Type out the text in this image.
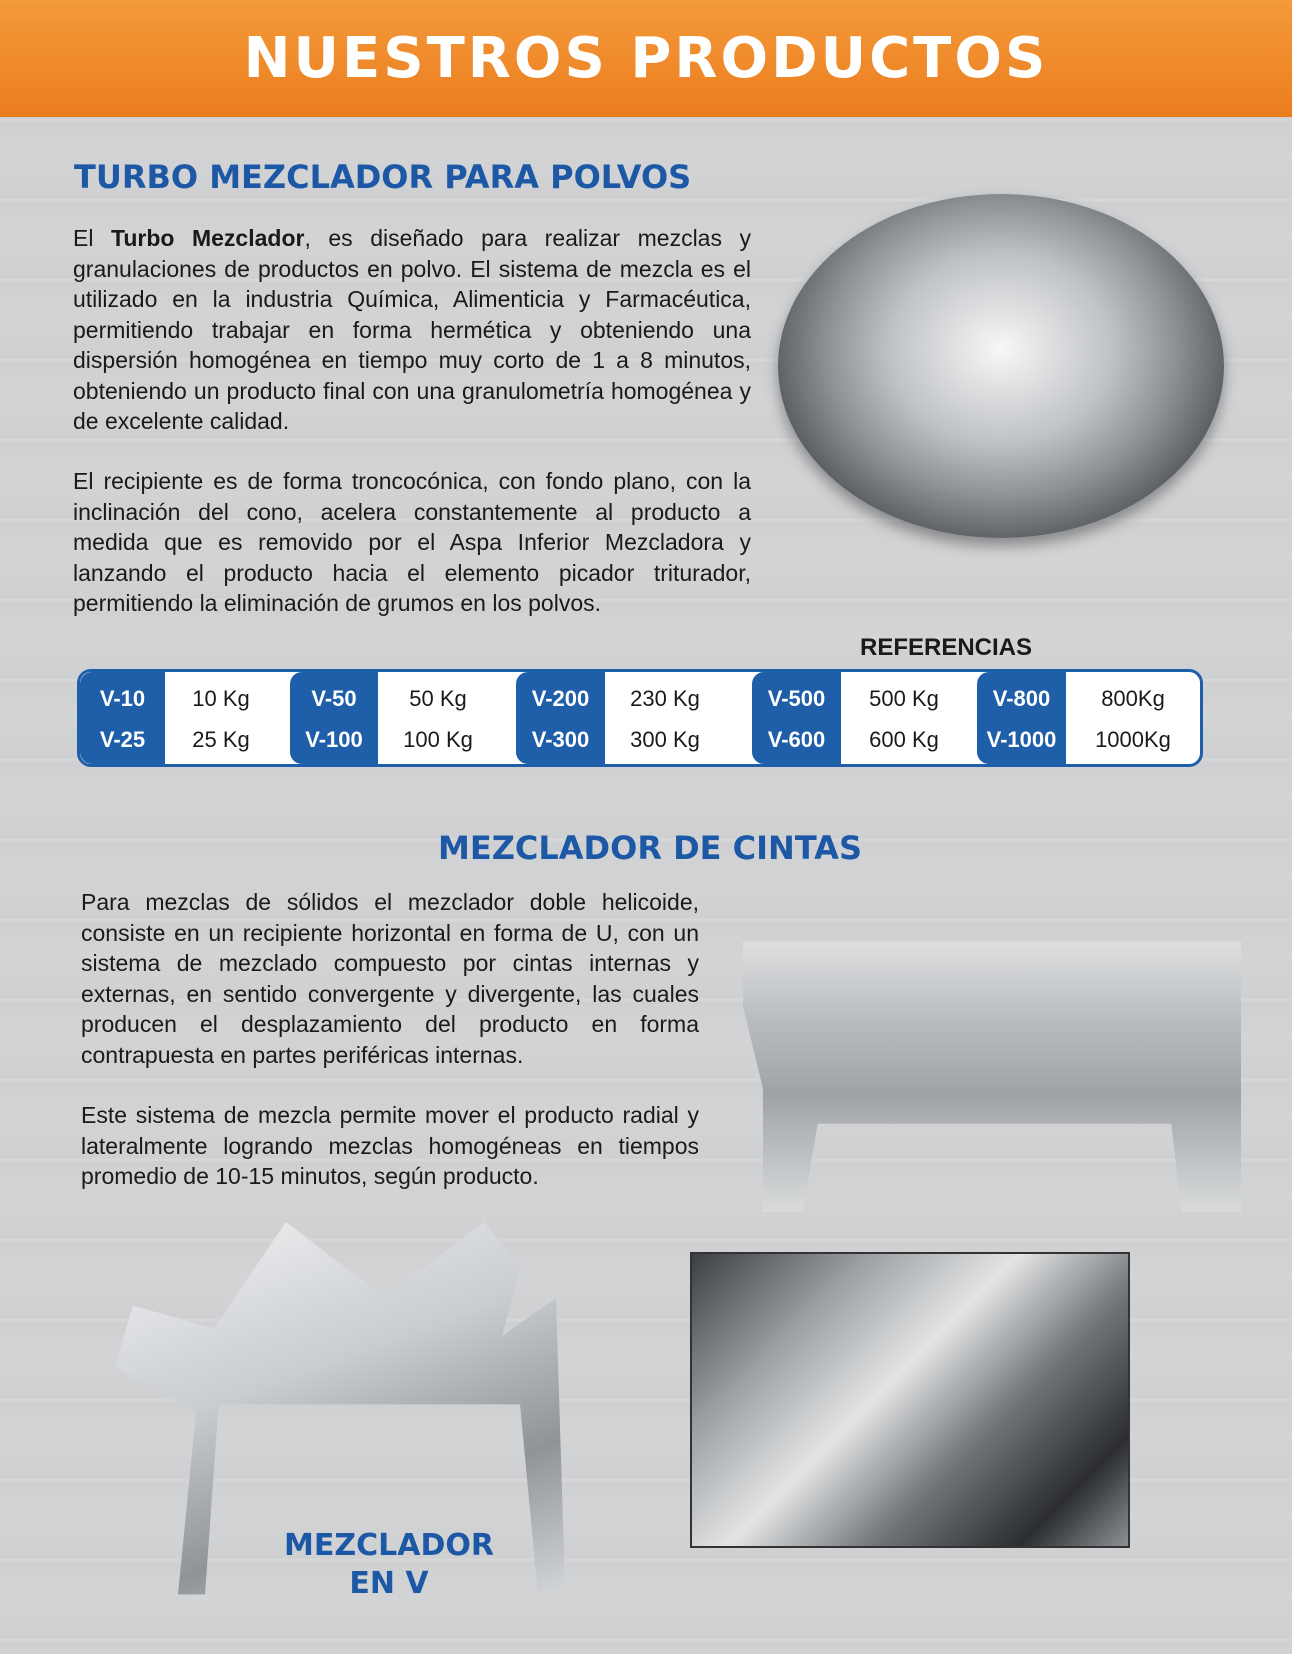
NUESTROS PRODUCTOS
TURBO MEZCLADOR PARA POLVOS

El Turbo Mezclador, es diseñado para realizar mezclas y granulaciones de productos en polvo. El sistema de mezcla es el utilizado en la industria Química, Alimenticia y Farmacéutica, permitiendo trabajar en forma hermética y obteniendo una dispersión homogénea en tiempo muy corto de 1 a 8 minutos, obteniendo un producto final con una granulometría homogénea y de excelente calidad.

El recipiente es de forma troncocónica, con fondo plano, con la inclinación del cono, acelera constantemente al producto a medida que es removido por el Aspa Inferior Mezcladora y lanzando el producto hacia el elemento picador triturador, permitiendo la eliminación de grumos en los polvos.

REFERENCIAS
V-10
V-25
10 Kg
25 Kg
V-50
V-100
50 Kg
100 Kg
V-200
V-300
230 Kg
300 Kg
V-500
V-600
500 Kg
600 Kg
V-800
V-1000
800Kg
1000Kg
MEZCLADOR DE CINTAS

Para mezclas de sólidos el mezclador doble helicoide, consiste en un recipiente horizontal en forma de U, con un sistema de mezclado compuesto por cintas internas y externas, en sentido convergente y divergente, las cuales producen el desplazamiento del producto en forma contrapuesta en partes periféricas internas.

Este sistema de mezcla permite mover el producto radial y lateralmente logrando mezclas homogéneas en tiempos promedio de 10-15 minutos, según producto.

MEZCLADOR
EN V
